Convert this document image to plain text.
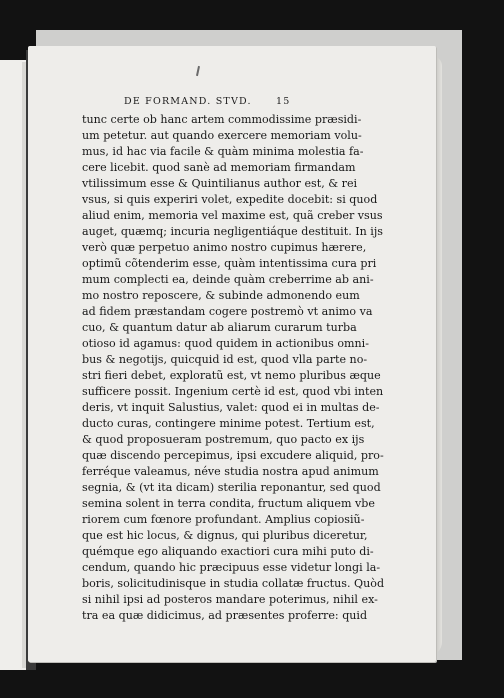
DE FORMAND. STVD.	15
tunc certe ob hanc artem commodissime præsidi-
um petetur. aut quando exercere memoriam volu-
mus, id hac via facile & quàm minima molestia fa-
cere licebit. quod sanè ad memoriam firmandam
vtilissimum esse & Quintilianus author est, & rei
vsus, si quis experiri volet, expedite docebit: si quod
aliud enim, memoria vel maxime est, quã creber vsus
auget, quæmq; incuria negligentiáque destituit. In ijs
verò quæ perpetuo animo nostro cupimus hærere,
optimũ cõtenderim esse, quàm intentissima cura pri
mum complecti ea, deinde quàm creberrime ab ani-
mo nostro reposcere, & subinde admonendo eum
ad fidem præstandam cogere postremò vt animo va
cuo, & quantum datur ab aliarum curarum turba
otioso id agamus: quod quidem in actionibus omni-
bus & negotijs, quicquid id est, quod vlla parte no-
stri fieri debet, exploratũ est, vt nemo pluribus æque
sufficere possit. Ingenium certè id est, quod vbi inten
deris, vt inquit Salustius, valet: quod ei in multas de-
ducto curas, contingere minime potest. Tertium est,
& quod proposueram postremum, quo pacto ex ijs
quæ discendo percepimus, ipsi excudere aliquid, pro-
ferréque valeamus, néve studia nostra apud animum
segnia, & (vt ita dicam) sterilia reponantur, sed quod
semina solent in terra condita, fructum aliquem vbe
riorem cum fœnore profundant. Amplius copiosiũ-
que est hic locus, & dignus, qui pluribus diceretur,
quémque ego aliquando exactiori cura mihi puto di-
cendum, quando hic præcipuus esse videtur longi la-
boris, solicitudinisque in studia collatæ fructus. Quòd
si nihil ipsi ad posteros mandare poterimus, nihil ex-
tra ea quæ didicimus, ad præsentes proferre: quid
